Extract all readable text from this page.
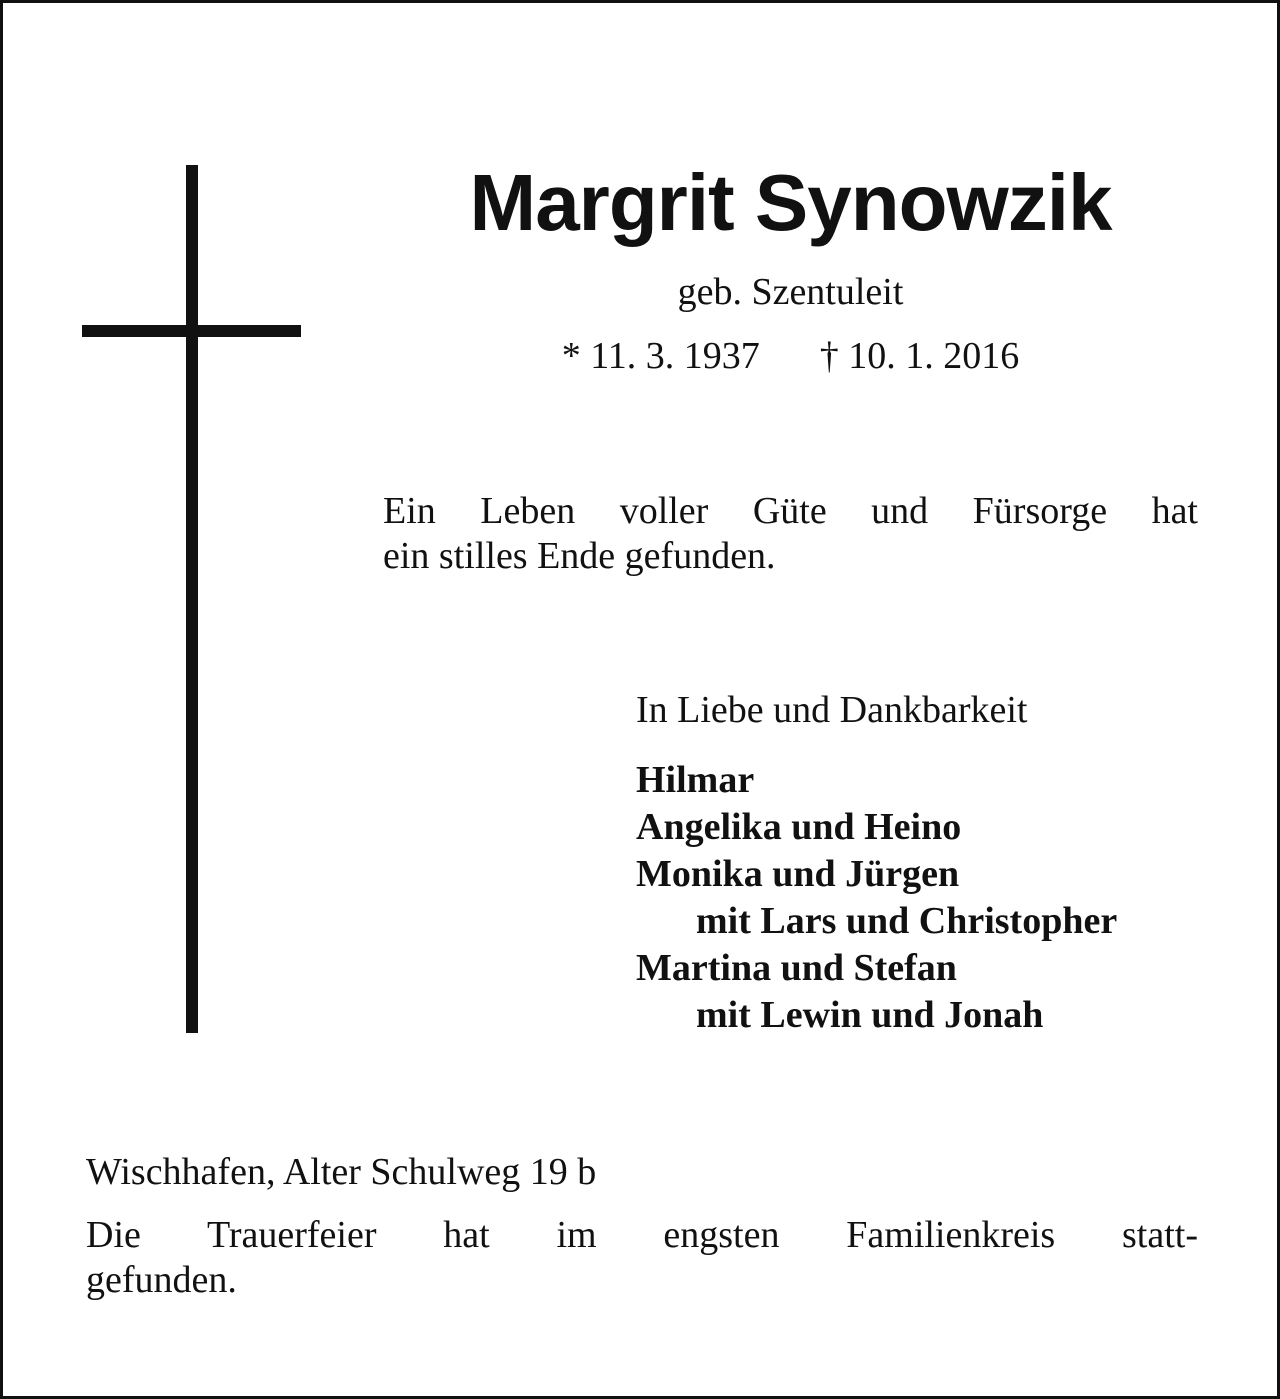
Margrit Synowzik
geb. Szentuleit
* 11. 3. 1937 † 10. 1. 2016
Ein Leben voller Güte und Fürsorge hat
ein stilles Ende gefunden.
In Liebe und Dankbarkeit
Hilmar
Angelika und Heino
Monika und Jürgen
mit Lars und Christopher
Martina und Stefan
mit Lewin und Jonah
Wischhafen, Alter Schulweg 19 b
Die Trauerfeier hat im engsten Familienkreis statt-
gefunden.
